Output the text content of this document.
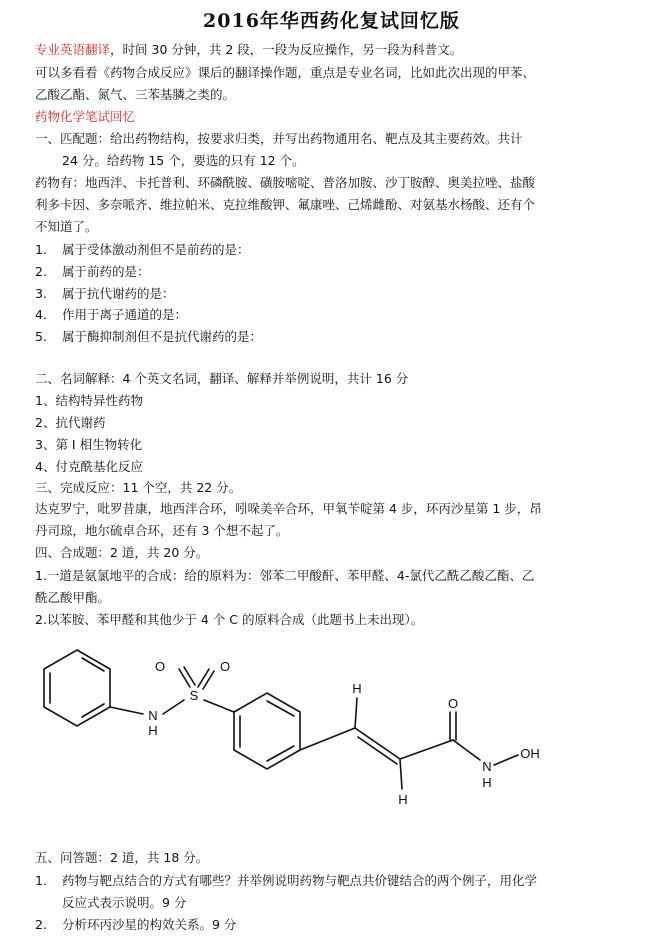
2016年华西药化复试回忆版
专业英语翻译，时间 30 分钟，共 2 段，一段为反应操作，另一段为科普文。
可以多看看《药物合成反应》课后的翻译操作题，重点是专业名词，比如此次出现的甲苯、
乙酸乙酯、氮气、三苯基膦之类的。
药物化学笔试回忆
一、匹配题：给出药物结构，按要求归类，并写出药物通用名、靶点及其主要药效。共计
24 分。给药物 15 个，要选的只有 12 个。
药物有：地西泮、卡托普利、环磷酰胺、磺胺嘧啶、普洛加胺、沙丁胺醇、奥美拉唑、盐酸
利多卡因、多奈哌齐、维拉帕米、克拉维酸钾、氟康唑、己烯雌酚、对氨基水杨酸、还有个
不知道了。
1. 属于受体激动剂但不是前药的是：
2. 属于前药的是：
3. 属于抗代谢药的是：
4. 作用于离子通道的是：
5. 属于酶抑制剂但不是抗代谢药的是：
二、名词解释：4 个英文名词，翻译、解释并举例说明，共计 16 分
1、结构特异性药物
2、抗代谢药
3、第 I 相生物转化
4、付克酰基化反应
三、完成反应：11 个空，共 22 分。
达克罗宁，吡罗昔康，地西泮合环，吲哚美辛合环，甲氧苄啶第 4 步，环丙沙星第 1 步，昂
丹司琼，地尔硫卓合环，还有 3 个想不起了。
四、合成题：2 道，共 20 分。
1.一道是氨氯地平的合成：给的原料为：邻苯二甲酸酐、苯甲醛、4-氯代乙酰乙酸乙酯、乙
酰乙酸甲酯。
2.以苯胺、苯甲醛和其他少于 4 个 C 的原料合成（此题书上未出现）。
O	O
S
N
H
H
H
O
N
H
OH
五、问答题：2 道，共 18 分。
1. 药物与靶点结合的方式有哪些？并举例说明药物与靶点共价键结合的两个例子，用化学
反应式表示说明。9 分
2. 分析环丙沙星的构效关系。9 分
